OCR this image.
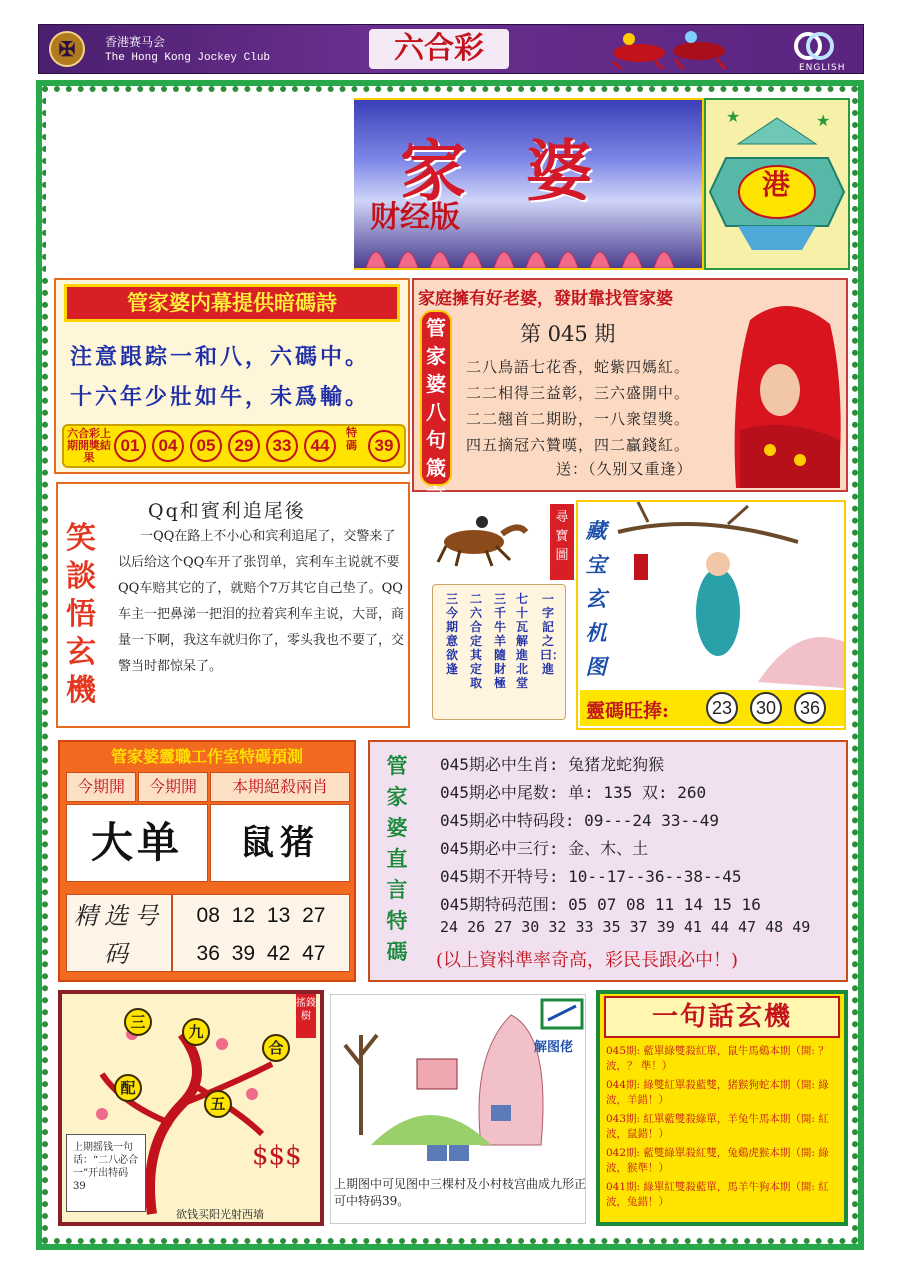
✠	香港赛马会
The Hong Kong Jockey Club	六合彩
ENGLISH
家婆
财经版
★	★
港
管家婆内幕提供暗碼詩
注意跟踪一和八，六碼中。
十六年少壯如牛，未爲輸。
六合彩上期開獎結果
01	04	05	29	33	44
特碼	39
家庭擁有好老婆，發財靠找管家婆
管家婆八句箴言
第 045 期
二八鳥語七花香，蛇紫四媽紅。
二二相得三益彰，三六盛開中。
二二翹首二期盼，一八衆望獎。
四五摘冠六贊嘆，四二贏錢紅。
送：（久别又重逢）
笑談悟玄機
Qq和賓利追尾後
一QQ在路上不小心和宾利追尾了，交警来了以后给这个QQ车开了张罚单，宾利车主说就不要QQ车赔其它的了，就赔个7万其它自己垫了。QQ车主一把鼻涕一把泪的拉着宾利车主说，大哥，商量一下啊，我这车就归你了，零头我也不要了，交警当时都惊呆了。
一字記之曰：進
七十瓦解進北堂
三千牛羊隨財極
二六合定其定取
三今期意欲逢
尋寶圖
藏宝玄机图
靈碼旺捧:	23	30	36
管家婆靈職工作室特碼預測
今期開	今期開	本期絕殺兩肖
大单	鼠猪
精选号码
08 12 13 27
36 39 42 47
管家婆直言特碼
045期必中生肖: 兔猪龙蛇狗猴
045期必中尾数: 单: 135 双: 260
045期必中特码段: 09---24 33--49
045期必中三行: 金、木、土
045期不开特号: 10--17--36--38--45
045期特码范围: 05 07 08 11 14 15 16
24 26 27 30 32 33 35 37 39 41 44 47 48 49
(以上資料準率奇高，彩民長跟必中！)
$$$
搖錢樹
三
九
合
配
五
上期摇钱一句话：“二八必合一”开出特码39
欲钱买阳光射西墙
解图佬
上期图中可见图中三棵村及小村枝宫曲成九形正可中特码39。
一句話玄機
045期: 藍單綠雙殺紅單，鼠牛馬鷄本期（開: ？ 波，？ 準！）
044期: 綠雙紅單殺藍雙，猪猴狗蛇本期（開: 綠波，羊錯！）
043期: 紅單藍雙殺綠單，羊兔牛馬本期（開: 紅波，鼠錯！）
042期: 藍雙綠單殺紅雙，兔鷄虎猴本期（開: 綠波，猴準！）
041期: 綠單紅雙殺藍單，馬羊牛狗本期（開: 紅波，兔錯！）
